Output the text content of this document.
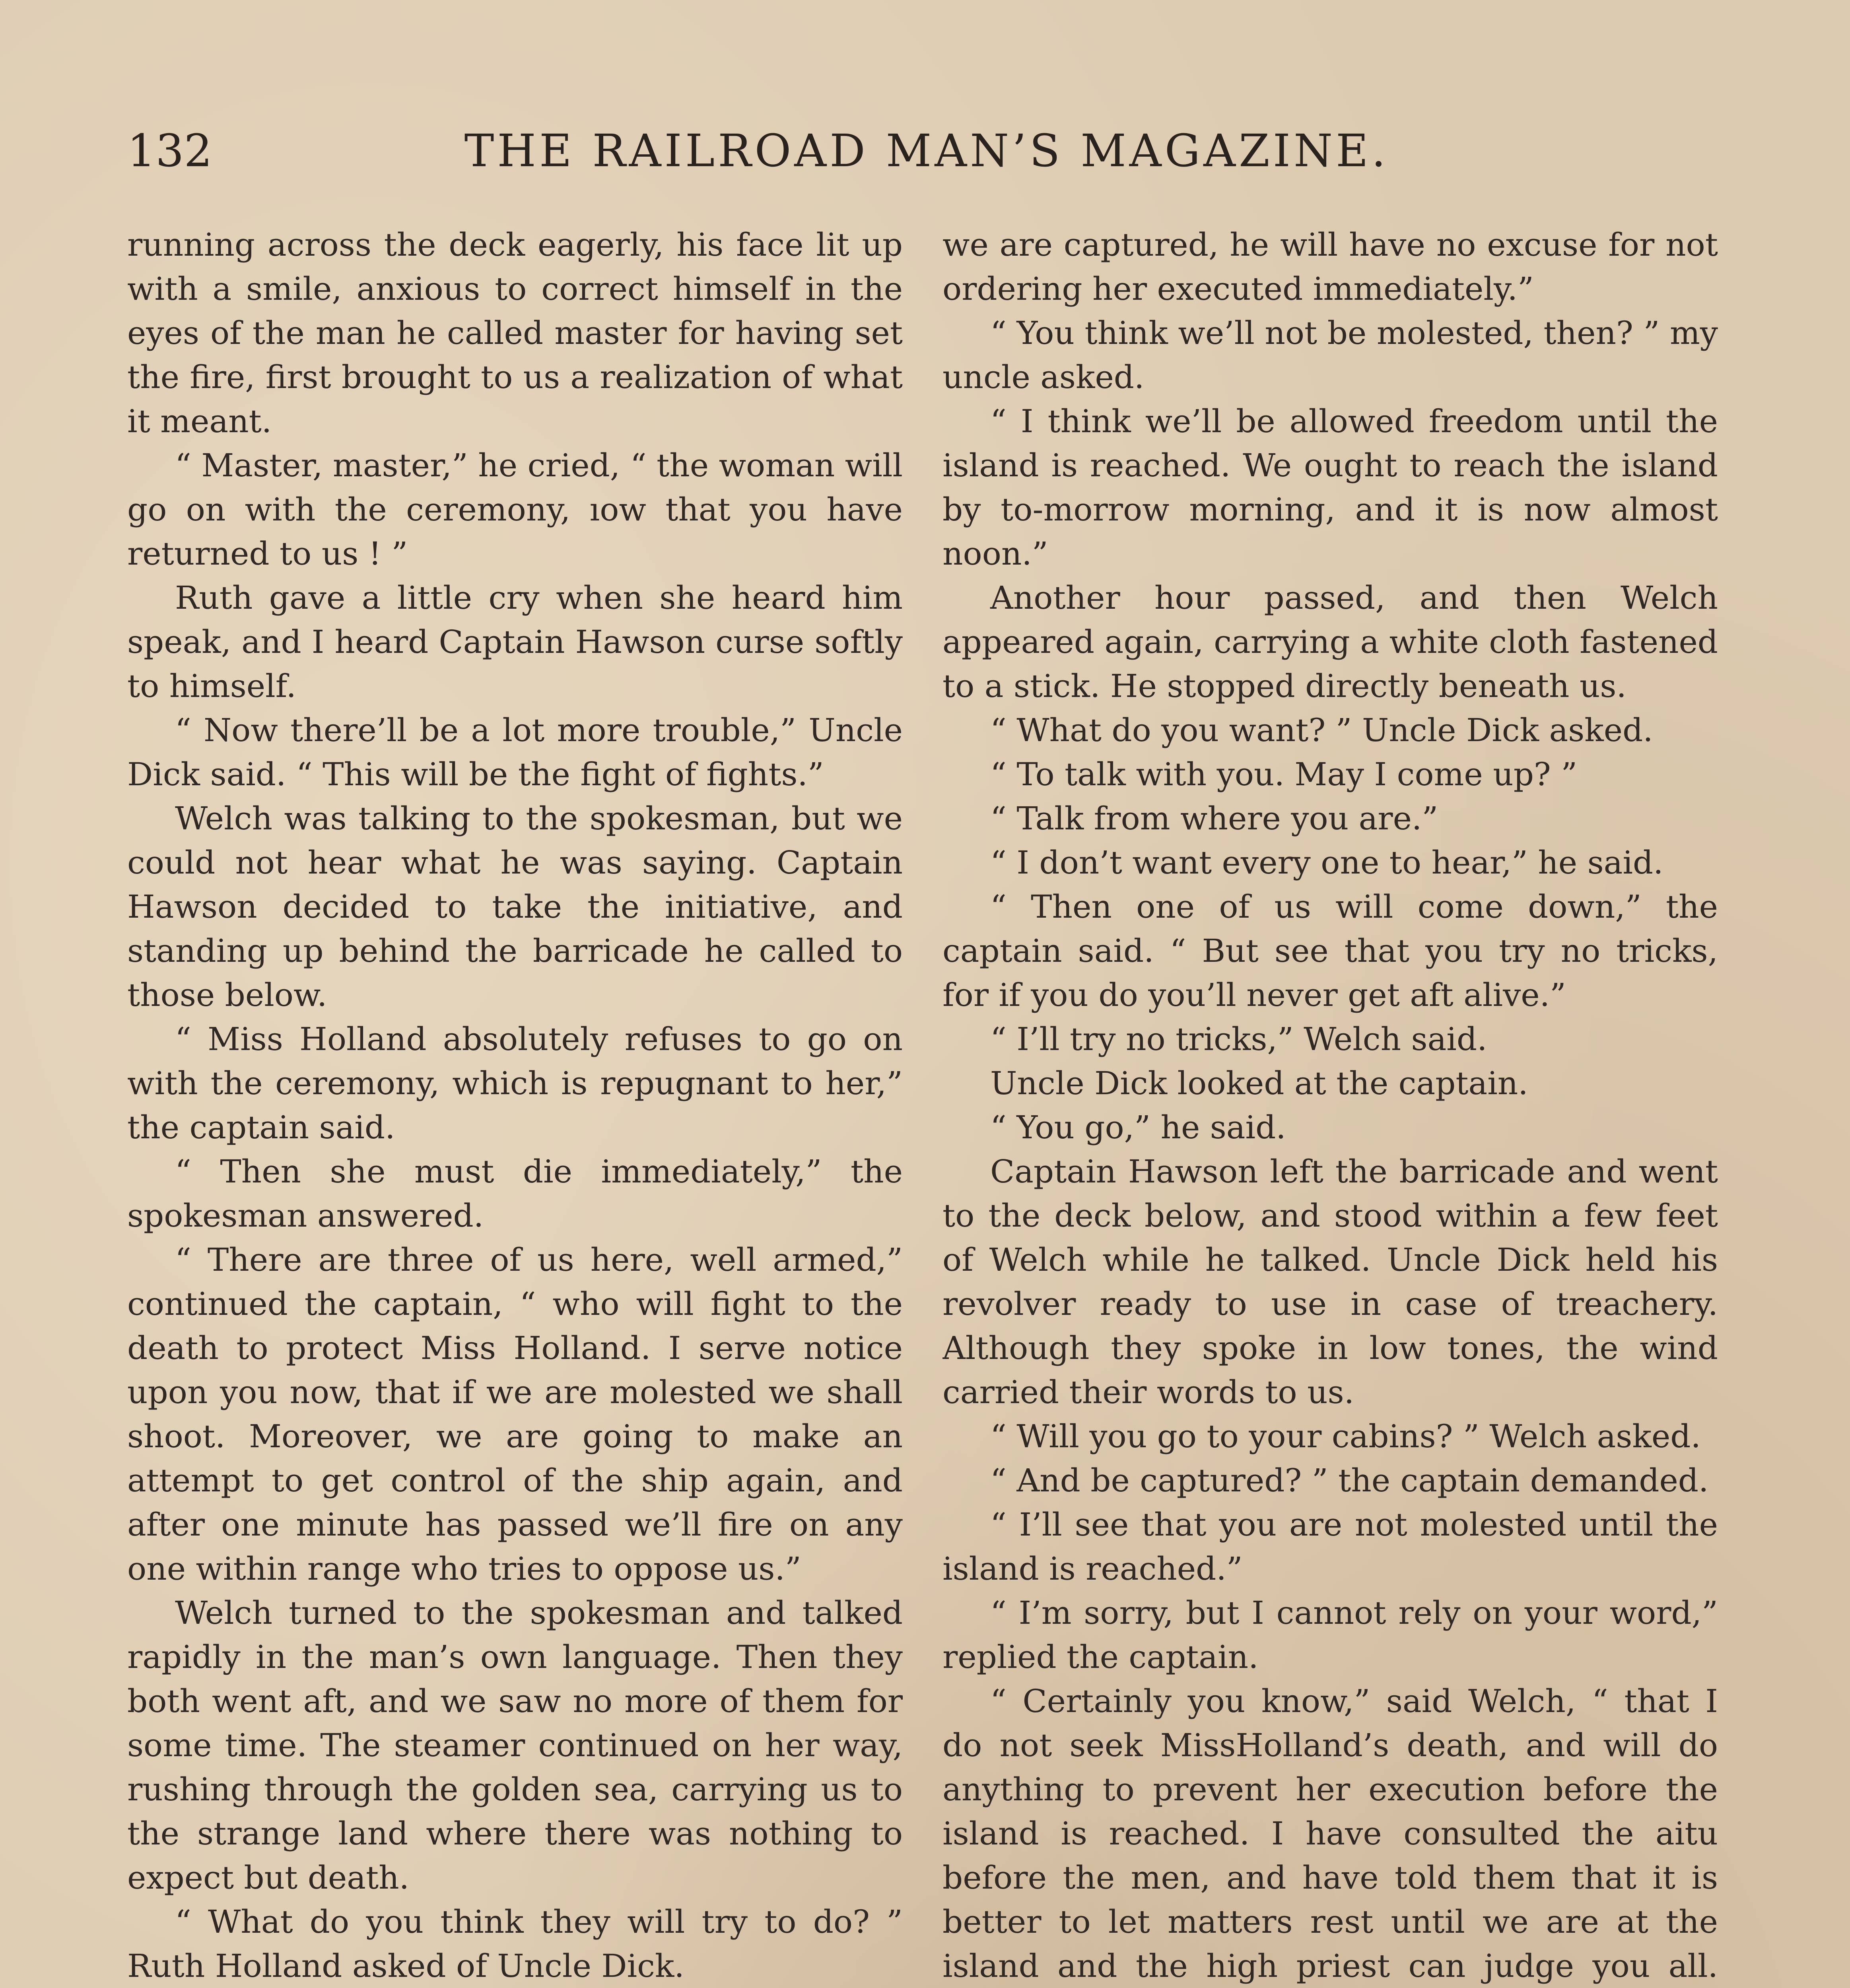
132	THE RAILROAD MAN’S MAGAZINE.

running across the deck eagerly, his face lit up with a smile, anxious to correct himself in the eyes of the man he called master for having set the fire, first brought to us a realization of what it meant.

“ Master, master,” he cried, “ the woman will go on with the ceremony, ıow that you have returned to us ! ”

Ruth gave a little cry when she heard him speak, and I heard Captain Hawson curse softly to himself.

“ Now there’ll be a lot more trouble,” Uncle Dick said. “ This will be the fight of fights.”

Welch was talking to the spokesman, but we could not hear what he was saying. Captain Hawson decided to take the initiative, and standing up behind the barricade he called to those below.

“ Miss Holland absolutely refuses to go on with the ceremony, which is repugnant to her,” the captain said.

“ Then she must die immediately,” the spokesman answered.

“ There are three of us here, well armed,” continued the captain, “ who will fight to the death to protect Miss Holland. I serve notice upon you now, that if we are molested we shall shoot. Moreover, we are going to make an attempt to get control of the ship again, and after one minute has passed we’ll fire on any one within range who tries to oppose us.”

Welch turned to the spokesman and talked rapidly in the man’s own language. Then they both went aft, and we saw no more of them for some time. The steamer continued on her way, rushing through the golden sea, carrying us to the strange land where there was nothing to expect but death.

“ What do you think they will try to do? ” Ruth Holland asked of Uncle Dick.

we are captured, he will have no excuse for not ordering her executed immediately.”

“ You think we’ll not be molested, then? ” my uncle asked.

“ I think we’ll be allowed freedom until the island is reached. We ought to reach the island by to-morrow morning, and it is now almost noon.”

Another hour passed, and then Welch appeared again, carrying a white cloth fastened to a stick. He stopped directly beneath us.

“ What do you want? ” Uncle Dick asked.

“ To talk with you. May I come up? ”

“ Talk from where you are.”

“ I don’t want every one to hear,” he said.

“ Then one of us will come down,” the captain said. “ But see that you try no tricks, for if you do you’ll never get aft alive.”

“ I’ll try no tricks,” Welch said.

Uncle Dick looked at the captain.

“ You go,” he said.

Captain Hawson left the barricade and went to the deck below, and stood within a few feet of Welch while he talked. Uncle Dick held his revolver ready to use in case of treachery. Although they spoke in low tones, the wind carried their words to us.

“ Will you go to your cabins? ” Welch asked.

“ And be captured? ” the captain demanded.

“ I’ll see that you are not molested until the island is reached.”

“ I’m sorry, but I cannot rely on your word,” replied the captain.

“ Certainly you know,” said Welch, “ that I do not seek MissHolland’s death, and will do anything to prevent her execution before the island is reached. I have consulted the aitu before the men, and have told them that it is better to let matters rest until we are at the island and the high priest can judge you all.
